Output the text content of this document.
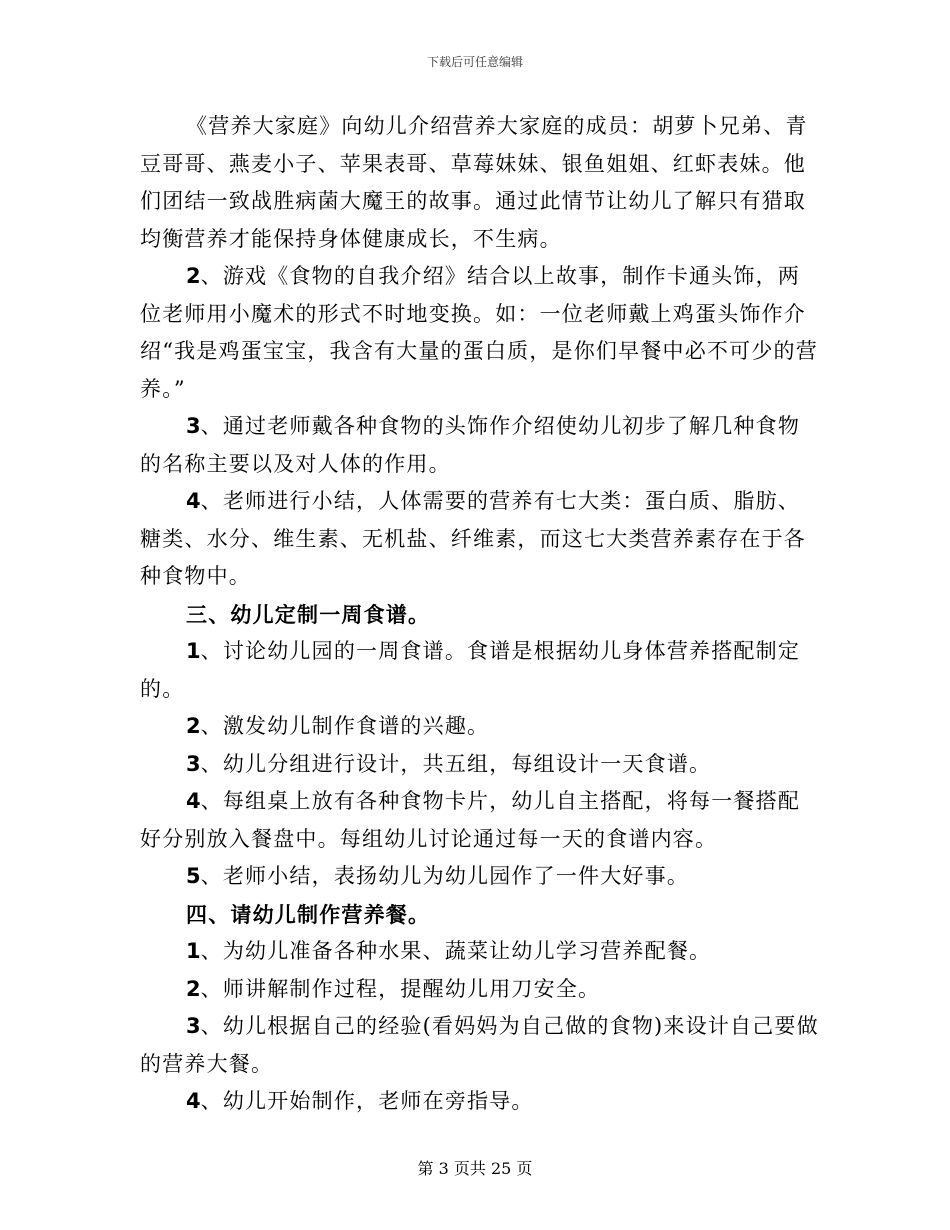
下载后可任意编辑

《营养大家庭》向幼儿介绍营养大家庭的成员：胡萝卜兄弟、青豆哥哥、燕麦小子、苹果表哥、草莓妹妹、银鱼姐姐、红虾表妹。他们团结一致战胜病菌大魔王的故事。通过此情节让幼儿了解只有猎取均衡营养才能保持身体健康成长，不生病。

2、游戏《食物的自我介绍》结合以上故事，制作卡通头饰，两位老师用小魔术的形式不时地变换。如：一位老师戴上鸡蛋头饰作介绍“我是鸡蛋宝宝，我含有大量的蛋白质，是你们早餐中必不可少的营养。”

3、通过老师戴各种食物的头饰作介绍使幼儿初步了解几种食物的名称主要以及对人体的作用。

4、老师进行小结，人体需要的营养有七大类：蛋白质、脂肪、糖类、水分、维生素、无机盐、纤维素，而这七大类营养素存在于各种食物中。

三、幼儿定制一周食谱。

1、讨论幼儿园的一周食谱。食谱是根据幼儿身体营养搭配制定的。

2、激发幼儿制作食谱的兴趣。

3、幼儿分组进行设计，共五组，每组设计一天食谱。

4、每组桌上放有各种食物卡片，幼儿自主搭配，将每一餐搭配好分别放入餐盘中。每组幼儿讨论通过每一天的食谱内容。

5、老师小结，表扬幼儿为幼儿园作了一件大好事。

四、请幼儿制作营养餐。

1、为幼儿准备各种水果、蔬菜让幼儿学习营养配餐。

2、师讲解制作过程，提醒幼儿用刀安全。

3、幼儿根据自己的经验(看妈妈为自己做的食物)来设计自己要做的营养大餐。

4、幼儿开始制作，老师在旁指导。

第 3 页共 25 页
